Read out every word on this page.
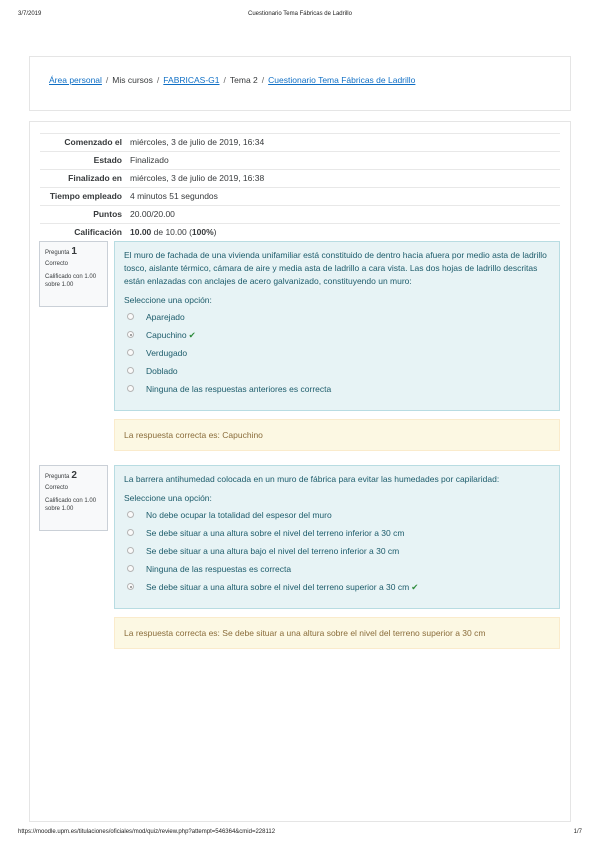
3/7/2019	Cuestionario Tema Fábricas de Ladrillo
https://moodle.upm.es/titulaciones/oficiales/mod/quiz/review.php?attempt=546364&cmid=228112	1/7
Área personal / Mis cursos / FABRICAS-G1 / Tema 2 / Cuestionario Tema Fábricas de Ladrillo
Comenzado el	miércoles, 3 de julio de 2019, 16:34
Estado	Finalizado
Finalizado en	miércoles, 3 de julio de 2019, 16:38
Tiempo empleado	4 minutos 51 segundos
Puntos	20.00/20.00
Calificación	10.00 de 10.00 (100%)
Pregunta 1
Correcto
Calificado con 1.00 sobre 1.00
El muro de fachada de una vivienda unifamiliar está constituido de dentro hacia afuera por medio asta de ladrillo tosco, aislante térmico, cámara de aire y media asta de ladrillo a cara vista. Las dos hojas de ladrillo descritas están enlazadas con anclajes de acero galvanizado, constituyendo un muro:
Seleccione una opción:
Aparejado
Capuchino ✔
Verdugado
Doblado
Ninguna de las respuestas anteriores es correcta
La respuesta correcta es: Capuchino
Pregunta 2
Correcto
Calificado con 1.00 sobre 1.00
La barrera antihumedad colocada en un muro de fábrica para evitar las humedades por capilaridad:
Seleccione una opción:
No debe ocupar la totalidad del espesor del muro
Se debe situar a una altura sobre el nivel del terreno inferior a 30 cm
Se debe situar a una altura bajo el nivel del terreno inferior a 30 cm
Ninguna de las respuestas es correcta
Se debe situar a una altura sobre el nivel del terreno superior a 30 cm ✔
La respuesta correcta es: Se debe situar a una altura sobre el nivel del terreno superior a 30 cm
